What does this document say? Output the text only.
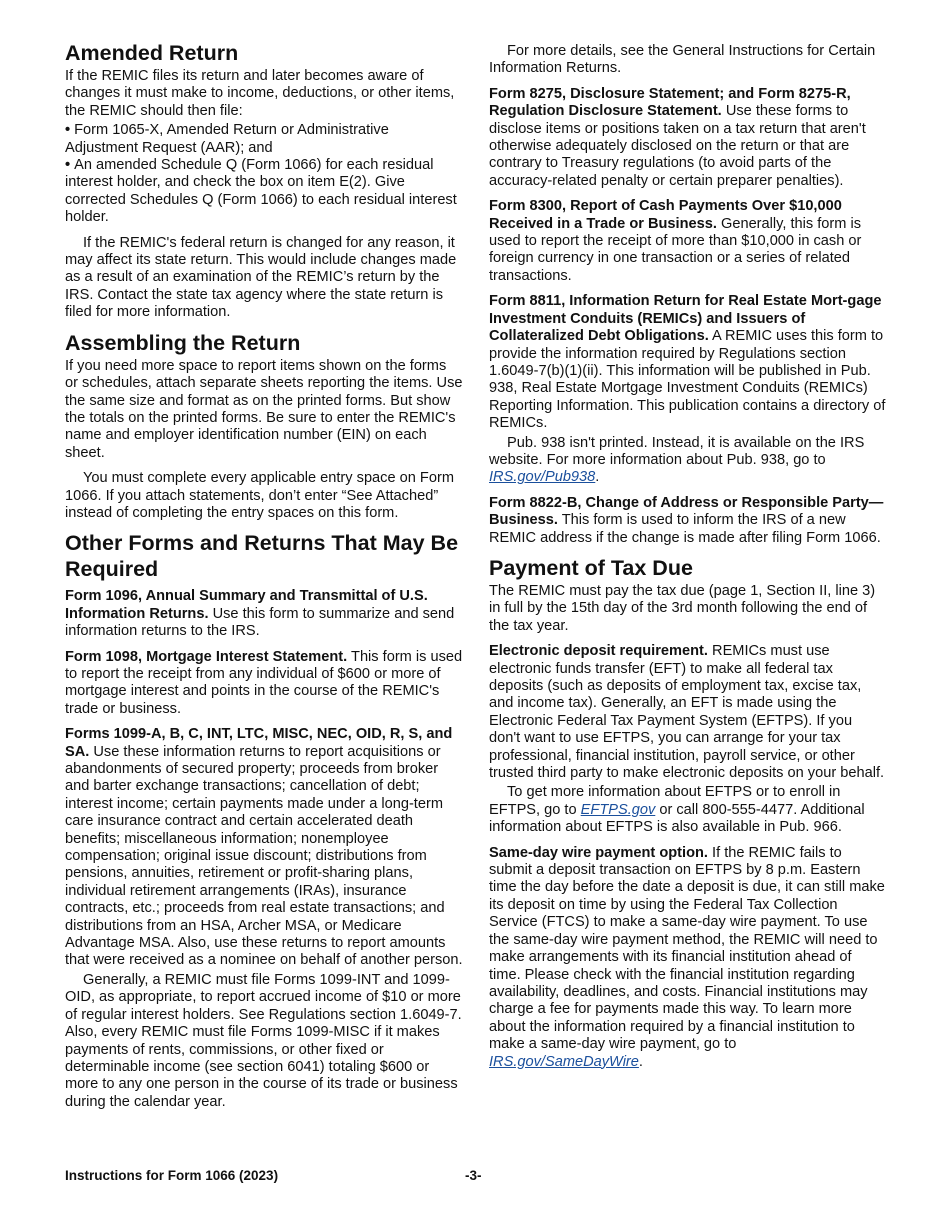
Amended Return

If the REMIC files its return and later becomes aware of changes it must make to income, deductions, or other items, the REMIC should then file:

• Form 1065-X, Amended Return or Administrative Adjustment Request (AAR); and
• An amended Schedule Q (Form 1066) for each residual interest holder, and check the box on item E(2). Give corrected Schedules Q (Form 1066) to each residual interest holder.

If the REMIC's federal return is changed for any reason, it may affect its state return. This would include changes made as a result of an examination of the REMIC’s return by the IRS. Contact the state tax agency where the state return is filed for more information.

Assembling the Return

If you need more space to report items shown on the forms or schedules, attach separate sheets reporting the items. Use the same size and format as on the printed forms. But show the totals on the printed forms. Be sure to enter the REMIC's name and employer identification number (EIN) on each sheet.

You must complete every applicable entry space on Form 1066. If you attach statements, don’t enter “See Attached” instead of completing the entry spaces on this form.

Other Forms and Returns That May Be Required

Form 1096, Annual Summary and Transmittal of U.S. Information Returns. Use this form to summarize and send information returns to the IRS.

Form 1098, Mortgage Interest Statement. This form is used to report the receipt from any individual of $600 or more of mortgage interest and points in the course of the REMIC's trade or business.

Forms 1099-A, B, C, INT, LTC, MISC, NEC, OID, R, S, and SA. Use these information returns to report acquisitions or abandonments of secured property; proceeds from broker and barter exchange transactions; cancellation of debt; interest income; certain payments made under a long-term care insurance contract and certain accelerated death benefits; miscellaneous information; nonemployee compensation; original issue discount; distributions from pensions, annuities, retirement or profit-sharing plans, individual retirement arrangements (IRAs), insurance contracts, etc.; proceeds from real estate transactions; and distributions from an HSA, Archer MSA, or Medicare Advantage MSA. Also, use these returns to report amounts that were received as a nominee on behalf of another person.

Generally, a REMIC must file Forms 1099-INT and 1099-OID, as appropriate, to report accrued income of $10 or more of regular interest holders. See Regulations section 1.6049-7. Also, every REMIC must file Forms 1099-MISC if it makes payments of rents, commissions, or other fixed or determinable income (see section 6041) totaling $600 or more to any one person in the course of its trade or business during the calendar year.

For more details, see the General Instructions for Certain Information Returns.

Form 8275, Disclosure Statement; and Form 8275-R, Regulation Disclosure Statement. Use these forms to disclose items or positions taken on a tax return that aren't otherwise adequately disclosed on the return or that are contrary to Treasury regulations (to avoid parts of the accuracy-related penalty or certain preparer penalties).

Form 8300, Report of Cash Payments Over $10,000 Received in a Trade or Business. Generally, this form is used to report the receipt of more than $10,000 in cash or foreign currency in one transaction or a series of related transactions.

Form 8811, Information Return for Real Estate Mort-gage Investment Conduits (REMICs) and Issuers of Collateralized Debt Obligations. A REMIC uses this form to provide the information required by Regulations section 1.6049-7(b)(1)(ii). This information will be published in Pub. 938, Real Estate Mortgage Investment Conduits (REMICs) Reporting Information. This publication contains a directory of REMICs.

Pub. 938 isn't printed. Instead, it is available on the IRS website. For more information about Pub. 938, go to IRS.gov/Pub938.

Form 8822-B, Change of Address or Responsible Party—Business. This form is used to inform the IRS of a new REMIC address if the change is made after filing Form 1066.

Payment of Tax Due

The REMIC must pay the tax due (page 1, Section II, line 3) in full by the 15th day of the 3rd month following the end of the tax year.

Electronic deposit requirement. REMICs must use electronic funds transfer (EFT) to make all federal tax deposits (such as deposits of employment tax, excise tax, and income tax). Generally, an EFT is made using the Electronic Federal Tax Payment System (EFTPS). If you don't want to use EFTPS, you can arrange for your tax professional, financial institution, payroll service, or other trusted third party to make electronic deposits on your behalf.

To get more information about EFTPS or to enroll in EFTPS, go to EFTPS.gov or call 800-555-4477. Additional information about EFTPS is also available in Pub. 966.

Same-day wire payment option. If the REMIC fails to submit a deposit transaction on EFTPS by 8 p.m. Eastern time the day before the date a deposit is due, it can still make its deposit on time by using the Federal Tax Collection Service (FTCS) to make a same-day wire payment. To use the same-day wire payment method, the REMIC will need to make arrangements with its financial institution ahead of time. Please check with the financial institution regarding availability, deadlines, and costs. Financial institutions may charge a fee for payments made this way. To learn more about the information required by a financial institution to make a same-day wire payment, go to IRS.gov/SameDayWire.

Instructions for Form 1066 (2023)	-3-
